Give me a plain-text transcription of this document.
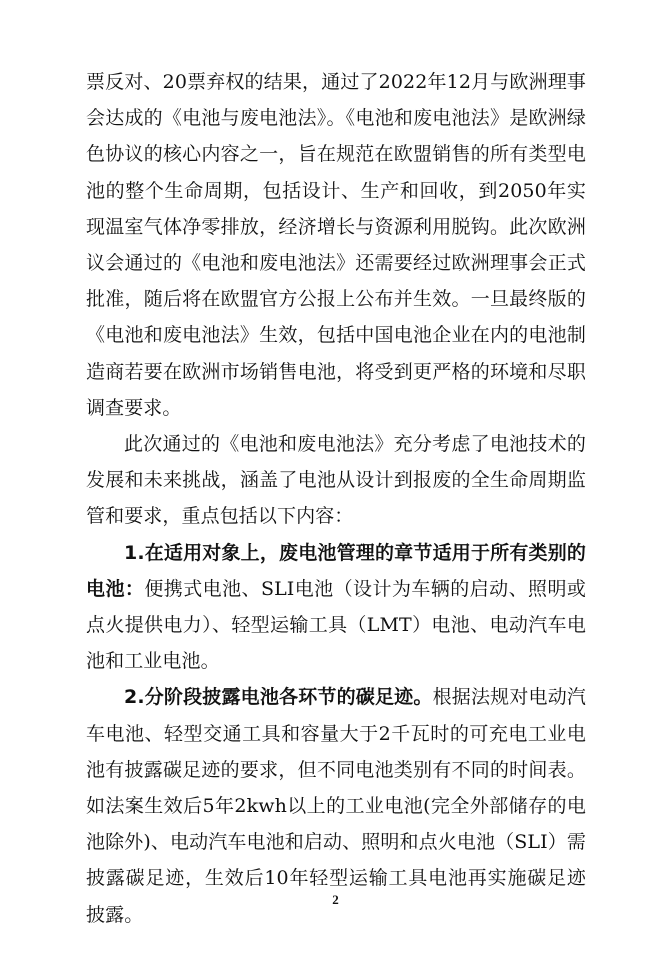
票反对、20票弃权的结果，通过了2022年12月与欧洲理事会达成的《电池与废电池法》。《电池和废电池法》是欧洲绿色协议的核心内容之一，旨在规范在欧盟销售的所有类型电池的整个生命周期，包括设计、生产和回收，到2050年实现温室气体净零排放，经济增长与资源利用脱钩。此次欧洲议会通过的《电池和废电池法》还需要经过欧洲理事会正式批准，随后将在欧盟官方公报上公布并生效。一旦最终版的《电池和废电池法》生效，包括中国电池企业在内的电池制造商若要在欧洲市场销售电池，将受到更严格的环境和尽职调查要求。

此次通过的《电池和废电池法》充分考虑了电池技术的发展和未来挑战，涵盖了电池从设计到报废的全生命周期监管和要求，重点包括以下内容：

1.在适用对象上，废电池管理的章节适用于所有类别的电池：便携式电池、SLI电池（设计为车辆的启动、照明或点火提供电力）、轻型运输工具（LMT）电池、电动汽车电池和工业电池。

2.分阶段披露电池各环节的碳足迹。根据法规对电动汽车电池、轻型交通工具和容量大于2千瓦时的可充电工业电池有披露碳足迹的要求，但不同电池类别有不同的时间表。如法案生效后5年2kwh以上的工业电池(完全外部储存的电池除外)、电动汽车电池和启动、照明和点火电池（SLI）需披露碳足迹，生效后10年轻型运输工具电池再实施碳足迹披露。

2
